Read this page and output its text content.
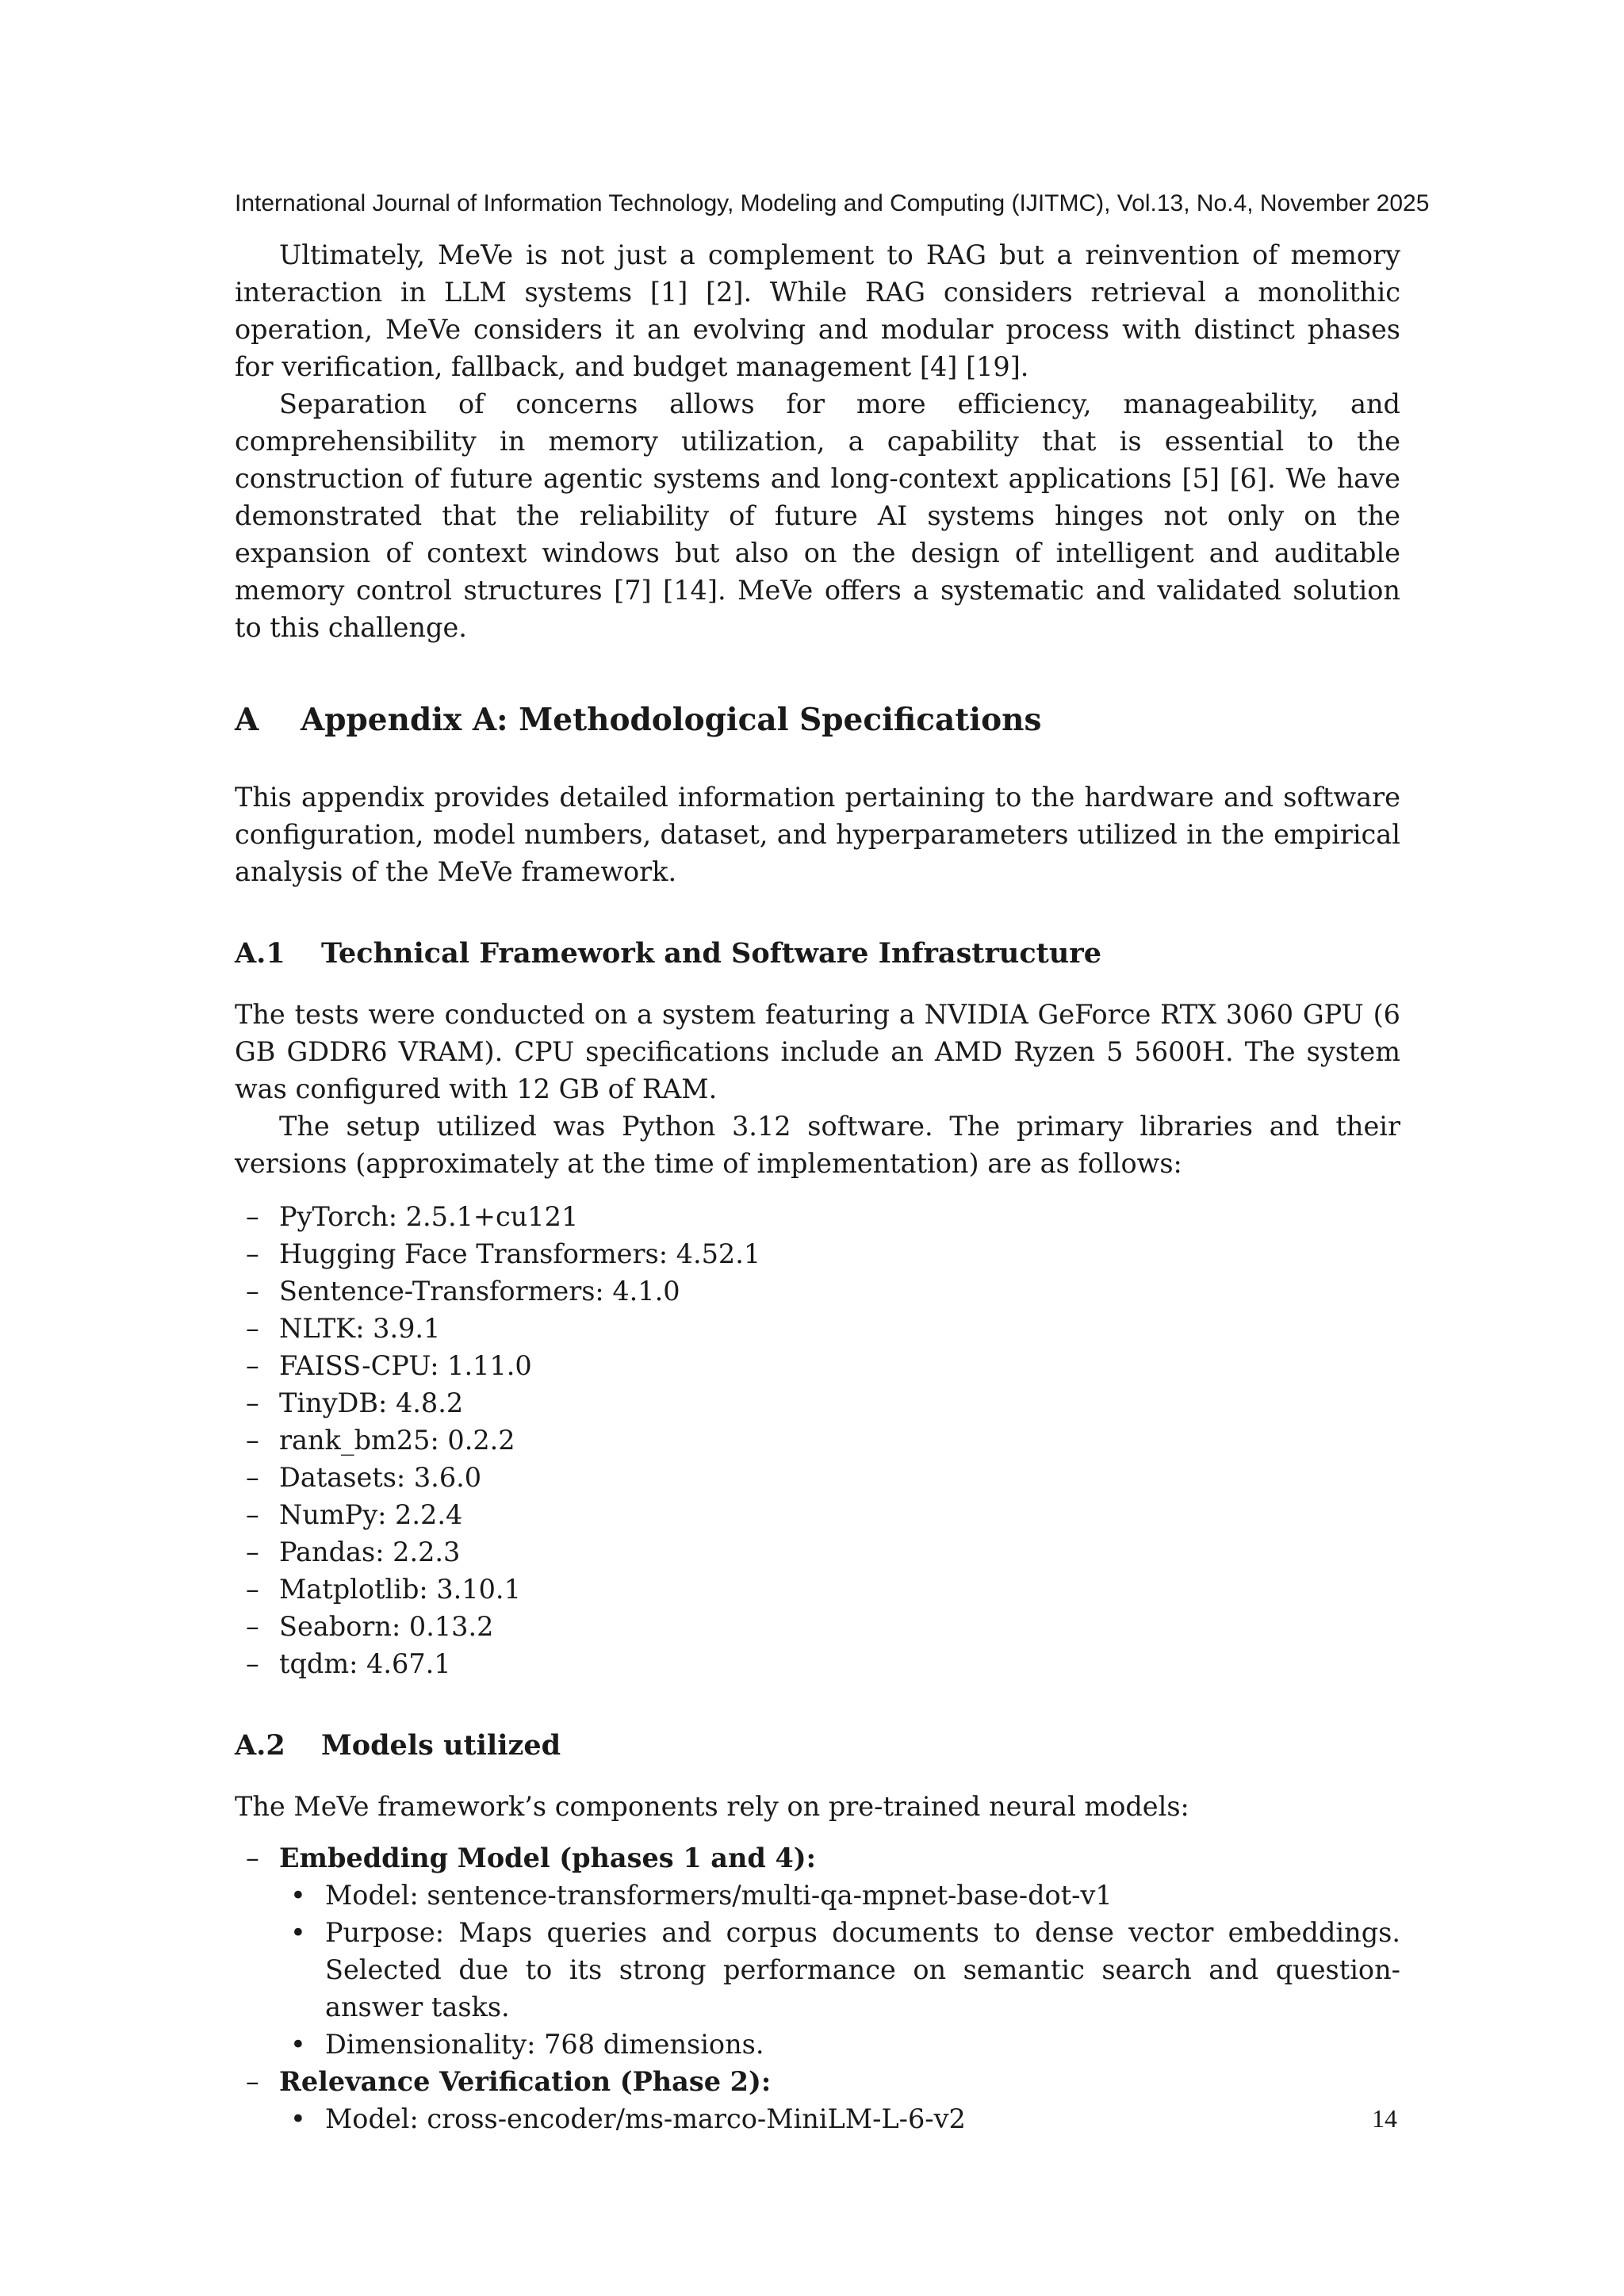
International Journal of Information Technology, Modeling and Computing (IJITMC), Vol.13, No.4, November 2025

Ultimately, MeVe is not just a complement to RAG but a reinvention of memory interaction in LLM systems [1] [2]. While RAG considers retrieval a monolithic operation, MeVe considers it an evolving and modular process with distinct phases for verification, fallback, and budget management [4] [19].

Separation of concerns allows for more efficiency, manageability, and comprehensibility in memory utilization, a capability that is essential to the construction of future agentic systems and long-context applications [5] [6]. We have demonstrated that the reliability of future AI systems hinges not only on the expansion of context windows but also on the design of intelligent and auditable memory control structures [7] [14]. MeVe offers a systematic and validated solution to this challenge.

A Appendix A: Methodological Specifications

This appendix provides detailed information pertaining to the hardware and software configuration, model numbers, dataset, and hyperparameters utilized in the empirical analysis of the MeVe framework.

A.1 Technical Framework and Software Infrastructure

The tests were conducted on a system featuring a NVIDIA GeForce RTX 3060 GPU (6 GB GDDR6 VRAM). CPU specifications include an AMD Ryzen 5 5600H. The system was configured with 12 GB of RAM.

The setup utilized was Python 3.12 software. The primary libraries and their versions (approximately at the time of implementation) are as follows:

– PyTorch: 2.5.1+cu121
– Hugging Face Transformers: 4.52.1
– Sentence-Transformers: 4.1.0
– NLTK: 3.9.1
– FAISS-CPU: 1.11.0
– TinyDB: 4.8.2
– rank_bm25: 0.2.2
– Datasets: 3.6.0
– NumPy: 2.2.4
– Pandas: 2.2.3
– Matplotlib: 3.10.1
– Seaborn: 0.13.2
– tqdm: 4.67.1
A.2 Models utilized

The MeVe framework’s components rely on pre-trained neural models:

– Embedding Model (phases 1 and 4):
• Model: sentence-transformers/multi-qa-mpnet-base-dot-v1
• Purpose: Maps queries and corpus documents to dense vector embeddings. Selected due to its strong performance on semantic search and question-answer tasks.
• Dimensionality: 768 dimensions.
– Relevance Verification (Phase 2):
• Model: cross-encoder/ms-marco-MiniLM-L-6-v2	14
